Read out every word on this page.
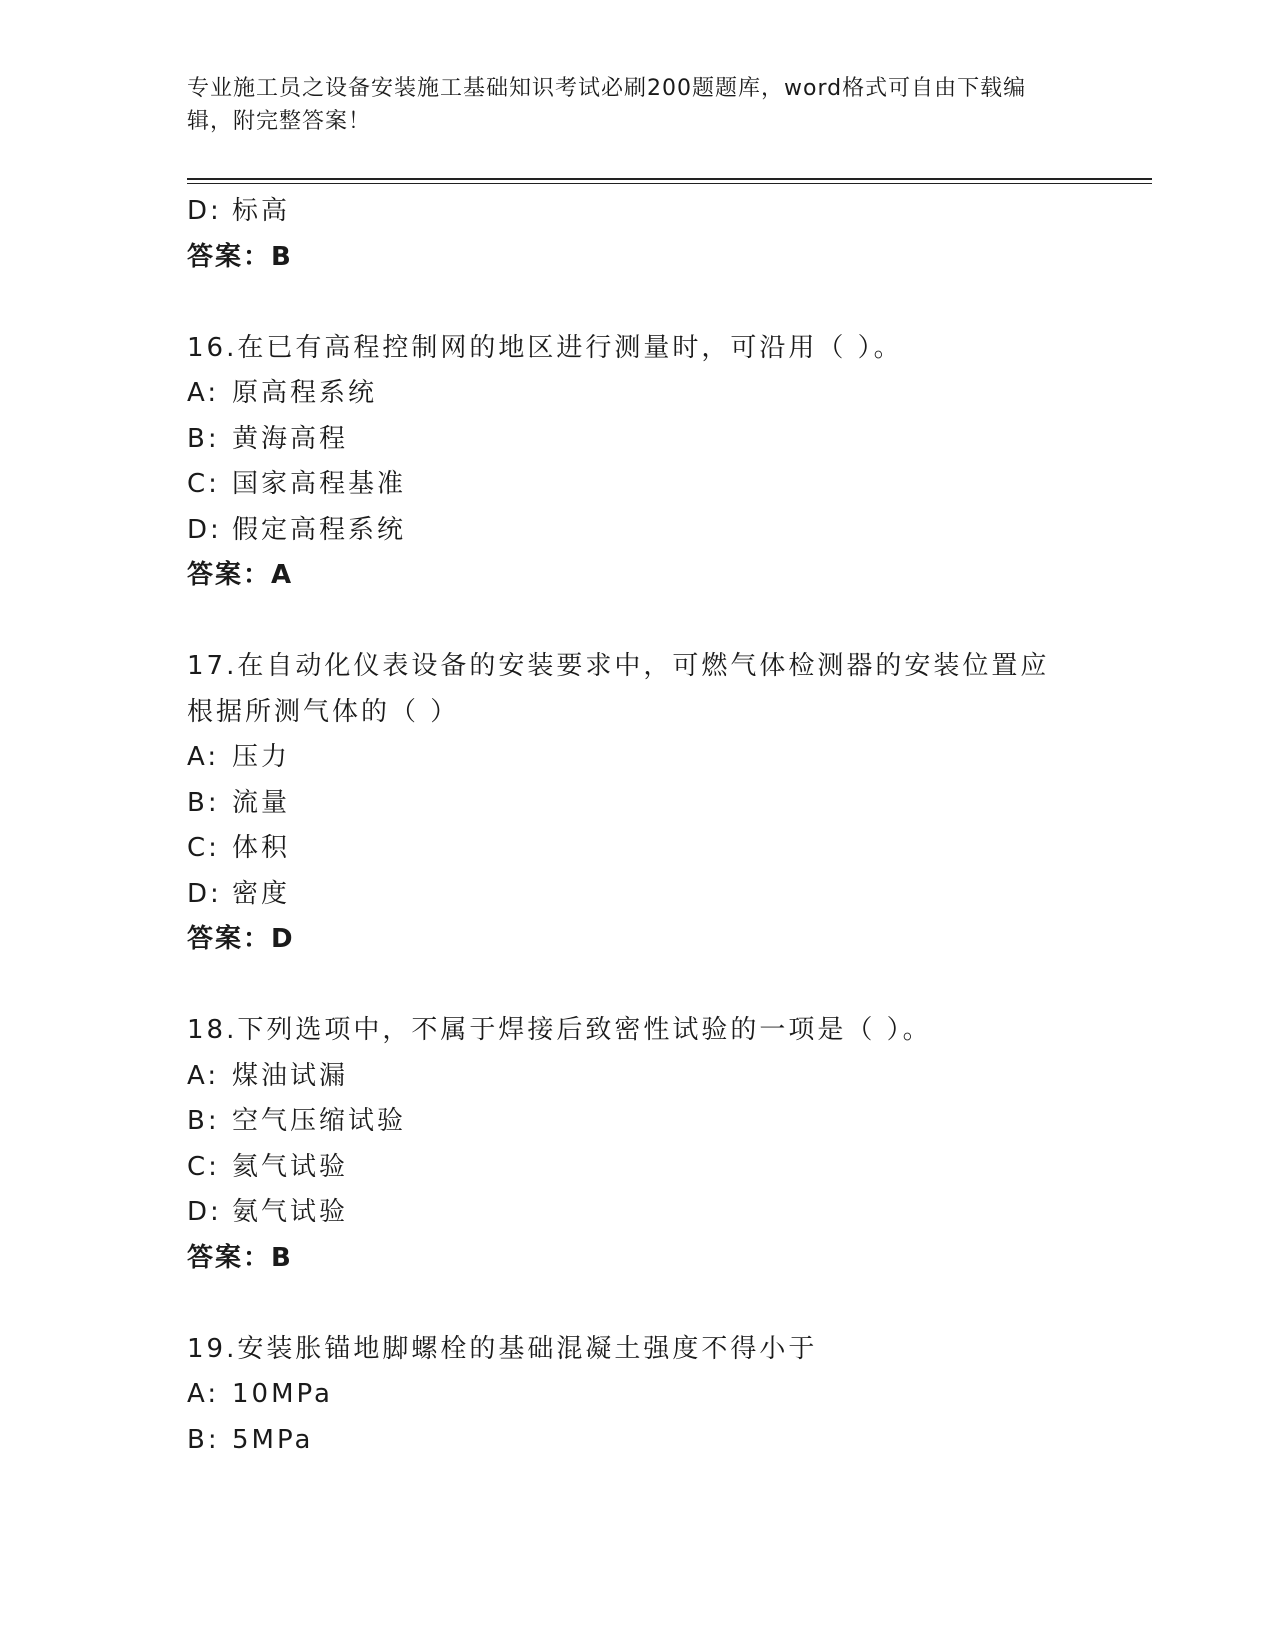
专业施工员之设备安装施工基础知识考试必刷200题题库，word格式可自由下载编辑，附完整答案！
D: 标高
答案：B
16.在已有高程控制网的地区进行测量时，可沿用（ ）。
A: 原高程系统
B: 黄海高程
C: 国家高程基准
D: 假定高程系统
答案：A
17.在自动化仪表设备的安装要求中，可燃气体检测器的安装位置应根据所测气体的（ ）
A: 压力
B: 流量
C: 体积
D: 密度
答案：D
18.下列选项中，不属于焊接后致密性试验的一项是（ ）。
A: 煤油试漏
B: 空气压缩试验
C: 氦气试验
D: 氨气试验
答案：B
19.安装胀锚地脚螺栓的基础混凝土强度不得小于
A: 10MPa
B: 5MPa
